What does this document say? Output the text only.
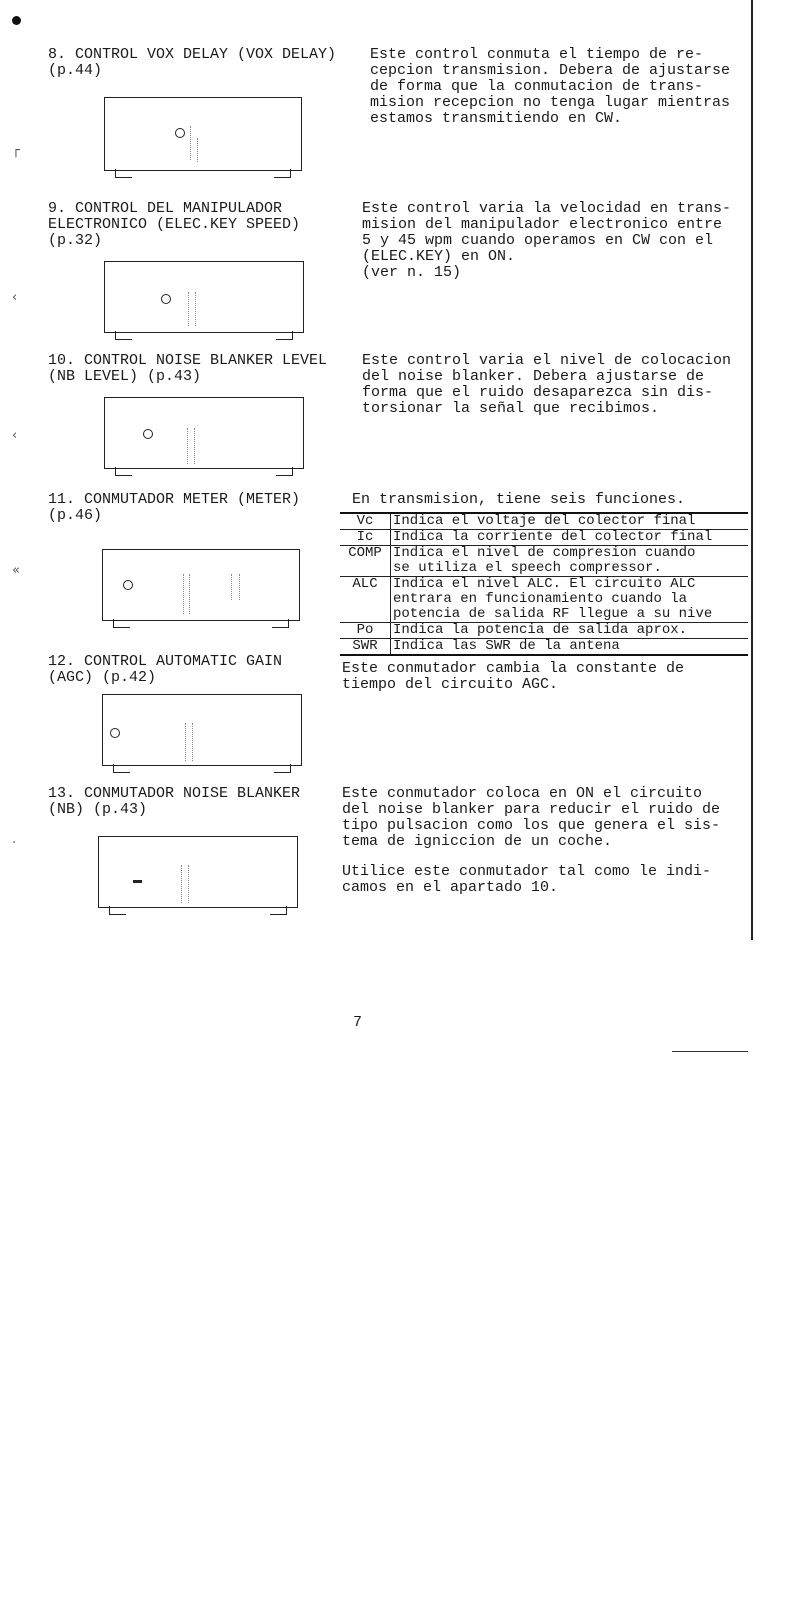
┌
‹
‹
«
·
8. CONTROL VOX DELAY (VOX DELAY)
(p.44)
Este control conmuta el tiempo de re-
cepcion transmision. Debera de ajustarse
de forma que la conmutacion de trans-
mision recepcion no tenga lugar mientras
estamos transmitiendo en CW.
9. CONTROL DEL MANIPULADOR
ELECTRONICO (ELEC.KEY SPEED)
(p.32)
Este control varia la velocidad en trans-
mision del manipulador electronico entre
5 y 45 wpm cuando operamos en CW con el
(ELEC.KEY) en ON.
(ver n. 15)
10. CONTROL NOISE BLANKER LEVEL
(NB LEVEL) (p.43)
Este control varia el nivel de colocacion
del noise blanker. Debera ajustarse de
forma que el ruido desaparezca sin dis-
torsionar la señal que recibimos.
11. CONMUTADOR METER (METER)
(p.46)
En transmision, tiene seis funciones.
Vc	Indica el voltaje del colector final
Ic	Indica la corriente del colector final
COMP	Indica el nivel de compresion cuando
se utiliza el speech compressor.
ALC	Indica el nivel ALC. El circuito ALC
entrara en funcionamiento cuando la
potencia de salida RF llegue a su nive
Po	Indica la potencia de salida aprox.
SWR	Indica las SWR de la antena
12. CONTROL AUTOMATIC GAIN
(AGC) (p.42)
Este conmutador cambia la constante de
tiempo del circuito AGC.
13. CONMUTADOR NOISE BLANKER
(NB) (p.43)
Este conmutador coloca en ON el circuito
del noise blanker para reducir el ruido de
tipo pulsacion como los que genera el sis-
tema de igniccion de un coche.
Utilice este conmutador tal como le indi-
camos en el apartado 10.
7
